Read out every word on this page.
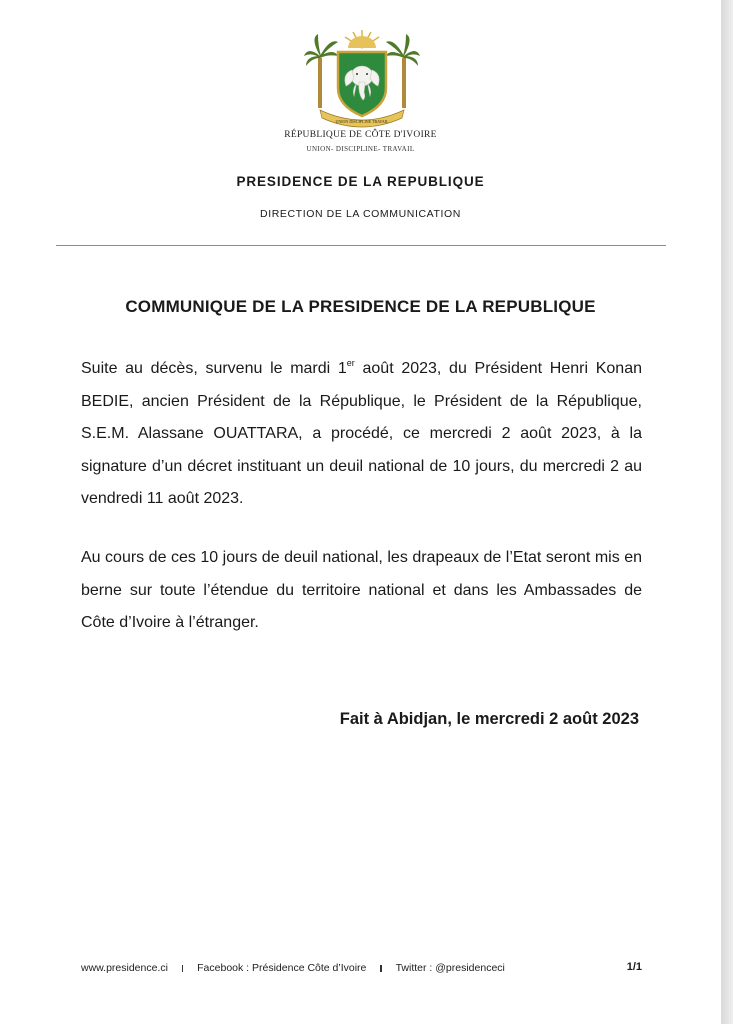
UNION DISCIPLINE TRAVAIL
RÉPUBLIQUE DE CÔTE D'IVOIRE
UNION- DISCIPLINE- TRAVAIL
PRESIDENCE DE LA REPUBLIQUE
DIRECTION DE LA COMMUNICATION
COMMUNIQUE DE LA PRESIDENCE DE LA REPUBLIQUE

Suite au décès, survenu le mardi 1er août 2023, du Président Henri Konan BEDIE, ancien Président de la République, le Président de la République, S.E.M. Alassane OUATTARA, a procédé, ce mercredi 2 août 2023, à la signature d’un décret instituant un deuil national de 10 jours, du mercredi 2 au vendredi 11 août 2023.

Au cours de ces 10 jours de deuil national, les drapeaux de l’Etat seront mis en berne sur toute l’étendue du territoire national et dans les Ambassades de Côte d’Ivoire à l’étranger.

Fait à Abidjan, le mercredi 2 août 2023
www.presidence.ci	Facebook : Présidence Côte d’Ivoire	Twitter : @presidenceci	1/1
